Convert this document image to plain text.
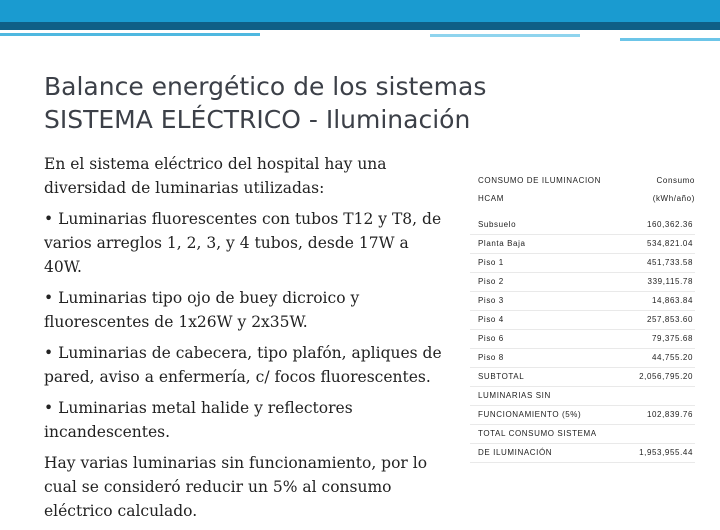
Balance energético de los sistemas
SISTEMA ELÉCTRICO - Iluminación

En el sistema eléctrico del hospital hay una diversidad de luminarias utilizadas:

• Luminarias fluorescentes con tubos T12 y T8, de varios arreglos 1, 2, 3, y 4 tubos, desde 17W a 40W.

• Luminarias tipo ojo de buey dicroico y fluorescentes de 1x26W y 2x35W.

• Luminarias de cabecera, tipo plafón, apliques de pared, aviso a enfermería, c/ focos fluorescentes.

• Luminarias metal halide y reflectores incandescentes.

Hay varias luminarias sin funcionamiento, por lo cual se consideró reducir un 5% al consumo eléctrico calculado.

CONSUMO DE ILUMINACION	Consumo
HCAM	(kWh/año)
Subsuelo	160,362.36
Planta Baja	534,821.04
Piso 1	451,733.58
Piso 2	339,115.78
Piso 3	14,863.84
Piso 4	257,853.60
Piso 6	79,375.68
Piso 8	44,755.20
SUBTOTAL	2,056,795.20
LUMINARIAS SIN
FUNCIONAMIENTO (5%)	102,839.76
TOTAL CONSUMO SISTEMA
DE ILUMINACIÓN	1,953,955.44
